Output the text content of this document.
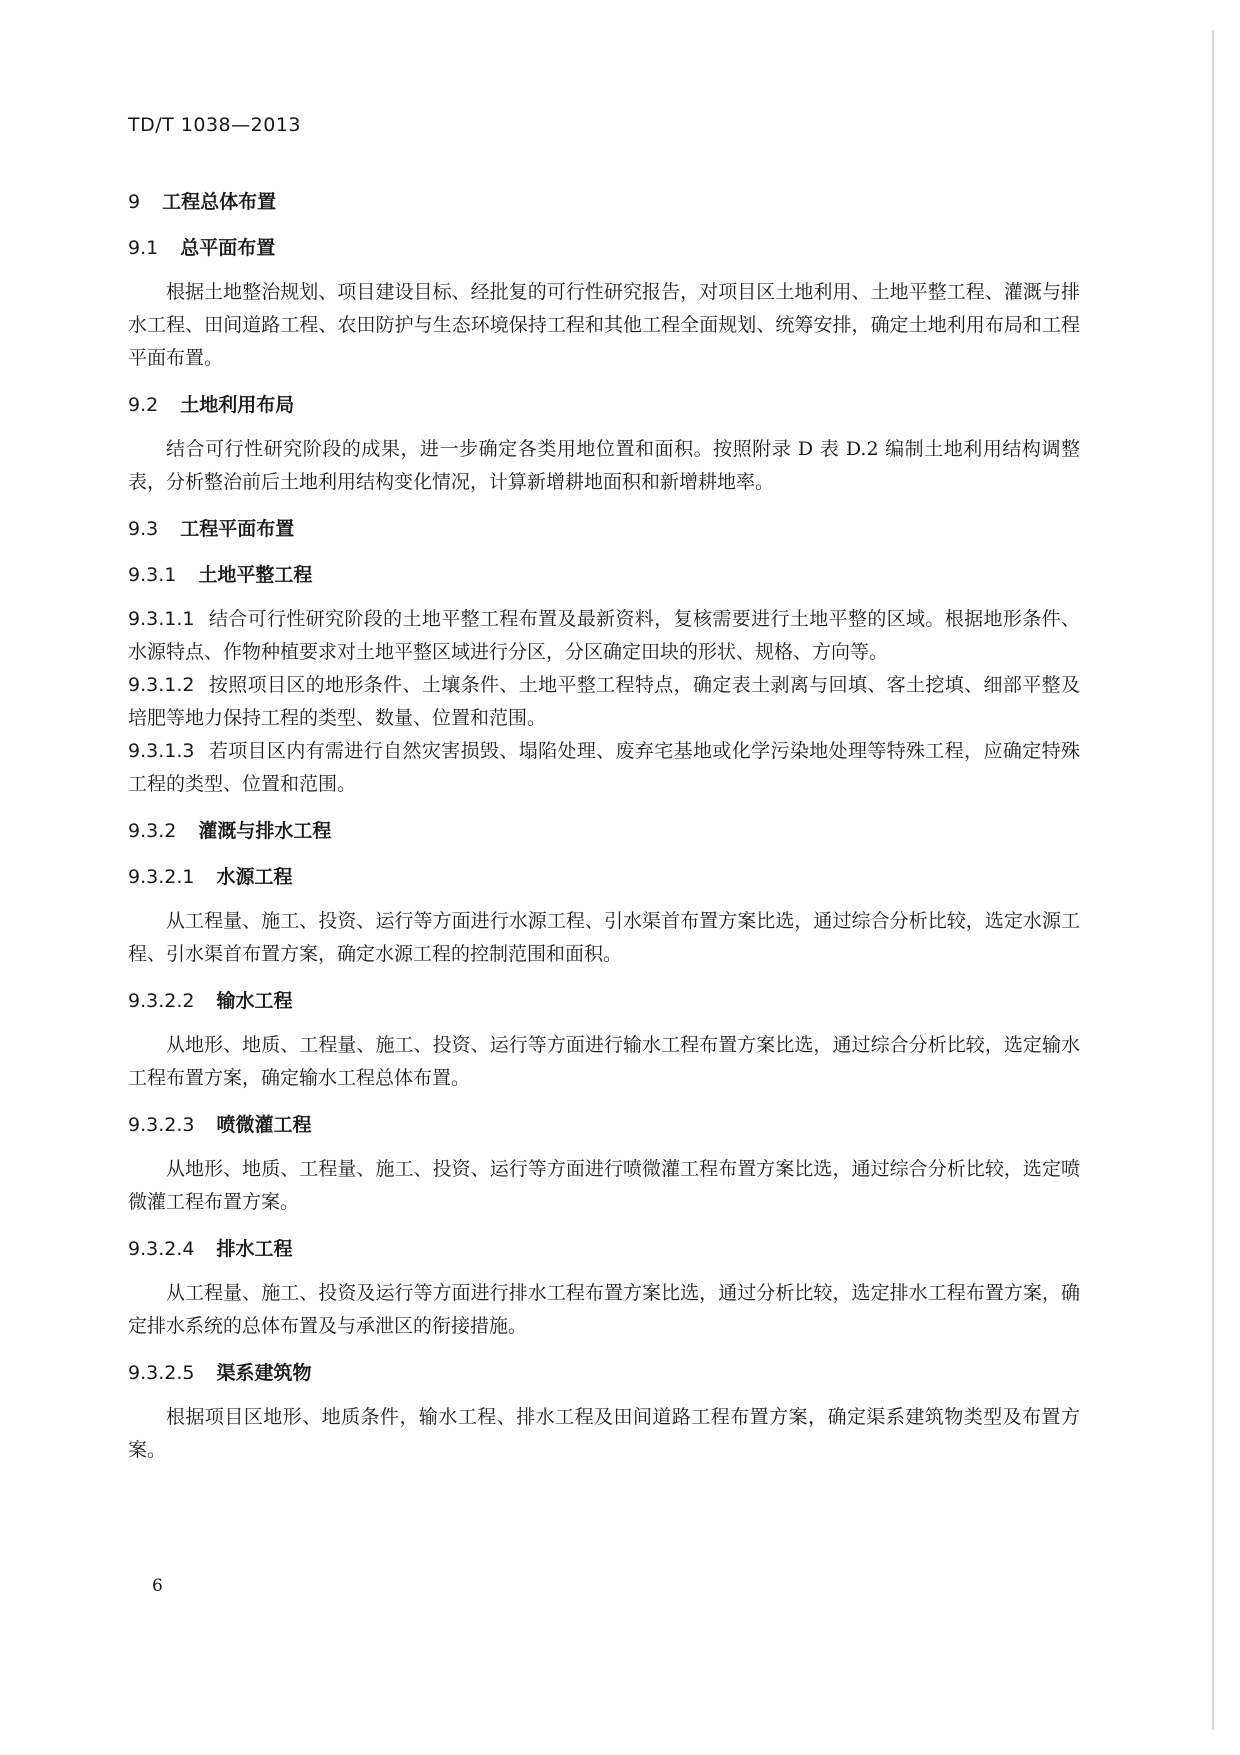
TD/T 1038—2013
9 工程总体布置
9.1 总平面布置

根据土地整治规划、项目建设目标、经批复的可行性研究报告，对项目区土地利用、土地平整工程、灌溉与排水工程、田间道路工程、农田防护与生态环境保持工程和其他工程全面规划、统筹安排，确定土地利用布局和工程平面布置。

9.2 土地利用布局

结合可行性研究阶段的成果，进一步确定各类用地位置和面积。按照附录 D 表 D.2 编制土地利用结构调整表，分析整治前后土地利用结构变化情况，计算新增耕地面积和新增耕地率。

9.3 工程平面布置
9.3.1 土地平整工程

9.3.1.1 结合可行性研究阶段的土地平整工程布置及最新资料，复核需要进行土地平整的区域。根据地形条件、水源特点、作物种植要求对土地平整区域进行分区，分区确定田块的形状、规格、方向等。

9.3.1.2 按照项目区的地形条件、土壤条件、土地平整工程特点，确定表土剥离与回填、客土挖填、细部平整及培肥等地力保持工程的类型、数量、位置和范围。

9.3.1.3 若项目区内有需进行自然灾害损毁、塌陷处理、废弃宅基地或化学污染地处理等特殊工程，应确定特殊工程的类型、位置和范围。

9.3.2 灌溉与排水工程
9.3.2.1 水源工程

从工程量、施工、投资、运行等方面进行水源工程、引水渠首布置方案比选，通过综合分析比较，选定水源工程、引水渠首布置方案，确定水源工程的控制范围和面积。

9.3.2.2 输水工程

从地形、地质、工程量、施工、投资、运行等方面进行输水工程布置方案比选，通过综合分析比较，选定输水工程布置方案，确定输水工程总体布置。

9.3.2.3 喷微灌工程

从地形、地质、工程量、施工、投资、运行等方面进行喷微灌工程布置方案比选，通过综合分析比较，选定喷微灌工程布置方案。

9.3.2.4 排水工程

从工程量、施工、投资及运行等方面进行排水工程布置方案比选，通过分析比较，选定排水工程布置方案，确定排水系统的总体布置及与承泄区的衔接措施。

9.3.2.5 渠系建筑物

根据项目区地形、地质条件，输水工程、排水工程及田间道路工程布置方案，确定渠系建筑物类型及布置方案。

6
